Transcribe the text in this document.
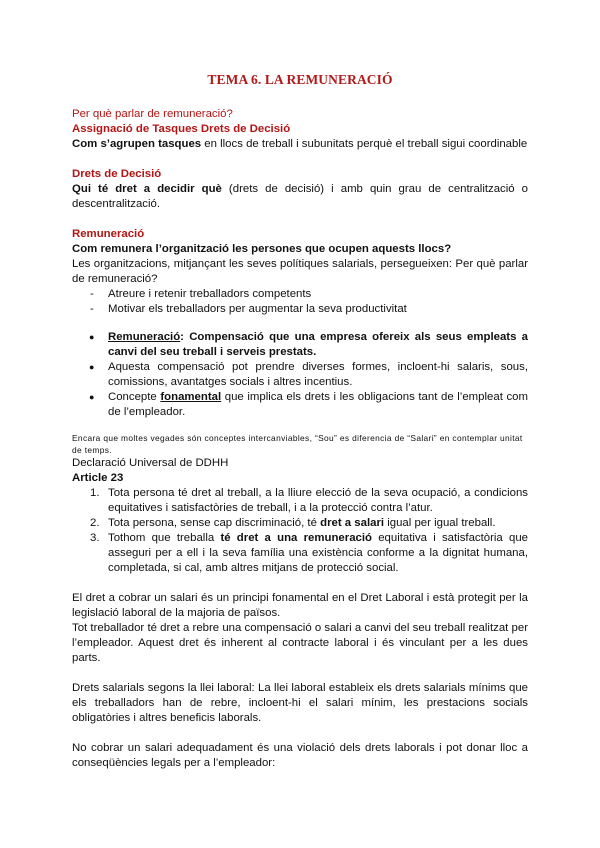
TEMA 6. LA REMUNERACIÓ

Per què parlar de remuneració?

Assignació de Tasques Drets de Decisió

Com s’agrupen tasques en llocs de treball i subunitats perquè el treball sigui coordinable

Drets de Decisió

Qui té dret a decidir què (drets de decisió) i amb quin grau de centralització o descentralització.

Remuneració

Com remunera l’organització les persones que ocupen aquests llocs?

Les organitzacions, mitjançant les seves polítiques salarials, persegueixen: Per què parlar de remuneració?

- Atreure i retenir treballadors competents
- Motivar els treballadors per augmentar la seva productivitat
● Remuneració: Compensació que una empresa ofereix als seus empleats a canvi del seu treball i serveis prestats.
● Aquesta compensació pot prendre diverses formes, incloent-hi salaris, sous, comissions, avantatges socials i altres incentius.
● Concepte fonamental que implica els drets i les obligacions tant de l’empleat com de l’empleador.

Encara que moltes vegades són conceptes intercanviables, “Sou” es diferencia de “Salari” en contemplar unitat de temps.

Declaració Universal de DDHH

Article 23

1. Tota persona té dret al treball, a la lliure elecció de la seva ocupació, a condicions equitatives i satisfactòries de treball, i a la protecció contra l’atur.
2. Tota persona, sense cap discriminació, té dret a salari igual per igual treball.
3. Tothom que treballa té dret a una remuneració equitativa i satisfactòria que asseguri per a ell i la seva família una existència conforme a la dignitat humana, completada, si cal, amb altres mitjans de protecció social.

El dret a cobrar un salari és un principi fonamental en el Dret Laboral i està protegit per la legislació laboral de la majoria de països.

Tot treballador té dret a rebre una compensació o salari a canvi del seu treball realitzat per l’empleador. Aquest dret és inherent al contracte laboral i és vinculant per a les dues parts.

Drets salarials segons la llei laboral: La llei laboral estableix els drets salarials mínims que els treballadors han de rebre, incloent-hi el salari mínim, les prestacions socials obligatòries i altres beneficis laborals.

No cobrar un salari adequadament és una violació dels drets laborals i pot donar lloc a conseqüències legals per a l’empleador:
